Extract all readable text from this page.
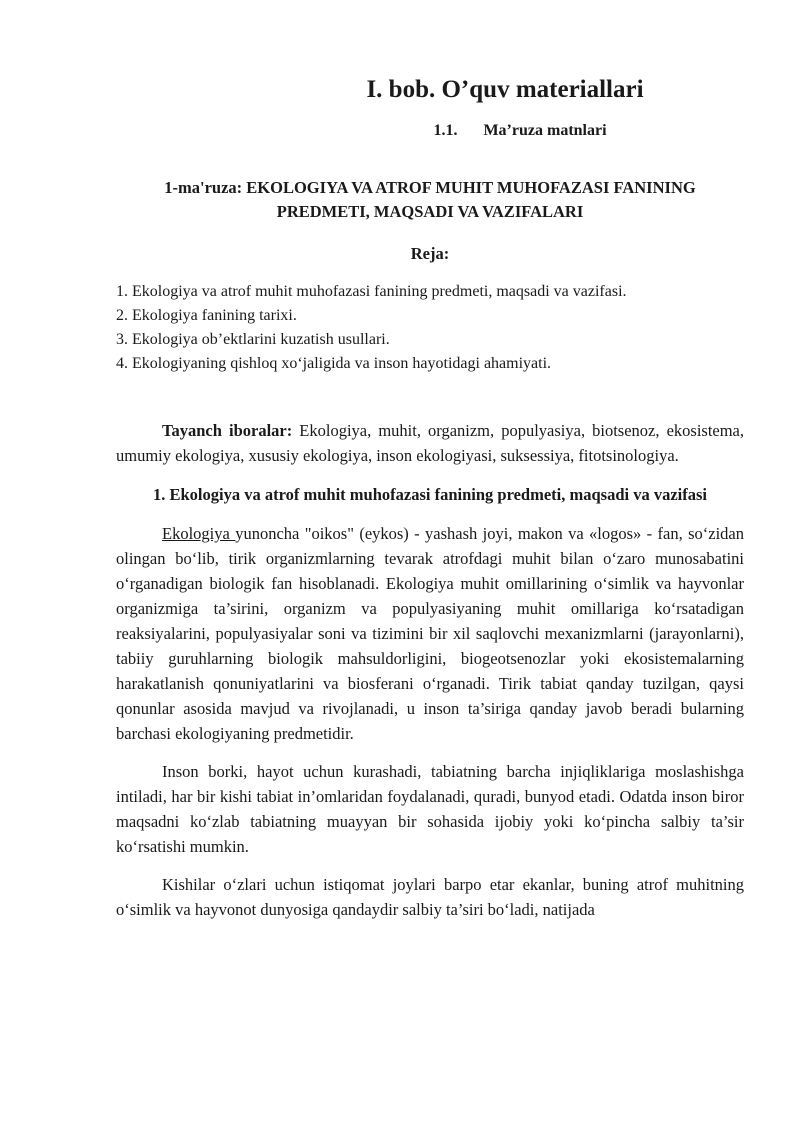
I. bob. O’quv materiallari
1.1. Ma’ruza matnlari
1-ma'ruza: EKOLOGIYA VA ATROF MUHIT MUHOFAZASI FANINING PREDMETI, MAQSADI VA VAZIFALARI
Reja:
1. Ekologiya va atrof muhit muhofazasi fanining predmeti, maqsadi va vazifasi.
2. Ekologiya fanining tarixi.
3. Ekologiya ob’ektlarini kuzatish usullari.
4. Ekologiyaning qishloq xo‘jaligida va inson hayotidagi ahamiyati.

Tayanch iboralar: Ekologiya, muhit, organizm, populyasiya, biotsenoz, ekosistema, umumiy ekologiya, xususiy ekologiya, inson ekologiyasi, suksessiya, fitotsinologiya.

1. Ekologiya va atrof muhit muhofazasi fanining predmeti, maqsadi va vazifasi

Ekologiya yunoncha "oikos" (eykos) - yashash joyi, makon va «logos» - fan, so‘zidan olingan bo‘lib, tirik organizmlarning tevarak atrofdagi muhit bilan o‘zaro munosabatini o‘rganadigan biologik fan hisoblanadi. Ekologiya muhit omillarining o‘simlik va hayvonlar organizmiga ta’sirini, organizm va populyasiyaning muhit omillariga ko‘rsatadigan reaksiyalarini, populyasiyalar soni va tizimini bir xil saqlovchi mexanizmlarni (jarayonlarni), tabiiy guruhlarning biologik mahsuldorligini, biogeotsenozlar yoki ekosistemalarning harakatlanish qonuniyatlarini va biosferani o‘rganadi. Tirik tabiat qanday tuzilgan, qaysi qonunlar asosida mavjud va rivojlanadi, u inson ta’siriga qanday javob beradi bularning barchasi ekologiyaning predmetidir.

Inson borki, hayot uchun kurashadi, tabiatning barcha injiqliklariga moslashishga intiladi, har bir kishi tabiat in’omlaridan foydalanadi, quradi, bunyod etadi. Odatda inson biror maqsadni ko‘zlab tabiatning muayyan bir sohasida ijobiy yoki ko‘pincha salbiy ta’sir ko‘rsatishi mumkin.

Kishilar o‘zlari uchun istiqomat joylari barpo etar ekanlar, buning atrof muhitning o‘simlik va hayvonot dunyosiga qandaydir salbiy ta’siri bo‘ladi, natijada
